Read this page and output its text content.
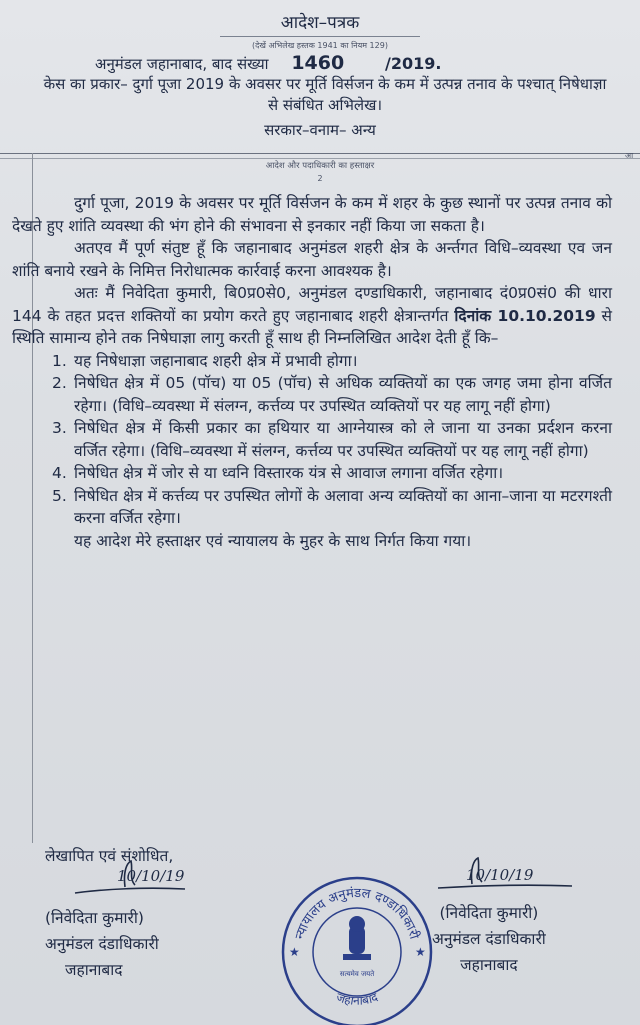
आदेश–पत्रक
(देखें अभिलेख हस्तक 1941 का नियम 129)
अनुमंडल जहानाबाद, बाद संख्या 1460	/2019.
केस का प्रकार– दुर्गा पूजा 2019 के अवसर पर मूर्ति विर्सजन के कम में उत्पन्न तनाव के पश्चात् निषेधाज्ञा से संबंधित अभिलेख।
सरकार–वनाम– अन्य
आदेश और पदाधिकारी का हस्ताक्षर
2
आ

दुर्गा पूजा, 2019 के अवसर पर मूर्ति विर्सजन के कम में शहर के कुछ स्थानों पर उत्पन्न तनाव को देखते हुए शांति व्यवस्था की भंग होने की संभावना से इनकार नहीं किया जा सकता है।

अतएव मैं पूर्ण संतुष्ट हूँ कि जहानाबाद अनुमंडल शहरी क्षेत्र के अर्न्तगत विधि–व्यवस्था एव जन शांति बनाये रखने के निमित्त निरोधात्मक कार्रवाई करना आवश्यक है।

अतः मैं निवेदिता कुमारी, बि0प्र0से0, अनुमंडल दण्डाधिकारी, जहानाबाद दं0प्र0सं0 की धारा 144 के तहत प्रदत्त शक्तियों का प्रयोग करते हुए जहानाबाद शहरी क्षेत्रान्तर्गत दिनांक 10.10.2019 से स्थिति सामान्य होने तक निषेघाज्ञा लागु करती हूँ साथ ही निम्नलिखित आदेश देती हूँ कि–

1. यह निषेधाज्ञा जहानाबाद शहरी क्षेत्र में प्रभावी होगा।
2. निषेधित क्षेत्र में 05 (पॉच) या 05 (पॉच) से अधिक व्यक्तियों का एक जगह जमा होना वर्जित रहेगा। (विधि–व्यवस्था में संलग्न, कर्त्तव्य पर उपस्थित व्यक्तियों पर यह लागू नहीं होगा)
3. निषेधित क्षेत्र में किसी प्रकार का हथियार या आग्नेयास्त्र को ले जाना या उनका प्रर्दशन करना वर्जित रहेगा। (विधि–व्यवस्था में संलग्न, कर्त्तव्य पर उपस्थित व्यक्तियों पर यह लागू नहीं होगा)
4. निषेधित क्षेत्र में जोर से या ध्वनि विस्तारक यंत्र से आवाज लगाना वर्जित रहेगा।
5. निषेधित क्षेत्र में कर्त्तव्य पर उपस्थित लोगों के अलावा अन्य व्यक्तियों का आना–जाना या मटरगश्ती करना वर्जित रहेगा।

यह आदेश मेरे हस्ताक्षर एवं न्यायालय के मुहर के साथ निर्गत किया गया।

लेखापित एवं संशोधित,
10/10/19
(निवेदिता कुमारी)
अनुमंडल दंडाधिकारी
जहानाबाद
10/10/19
(निवेदिता कुमारी)
अनुमंडल दंडाधिकारी
जहानाबाद
न्यायालय अनुमंडल दण्डाधिकारी
जहानाबाद
सत्यमेव जयते
★	★
